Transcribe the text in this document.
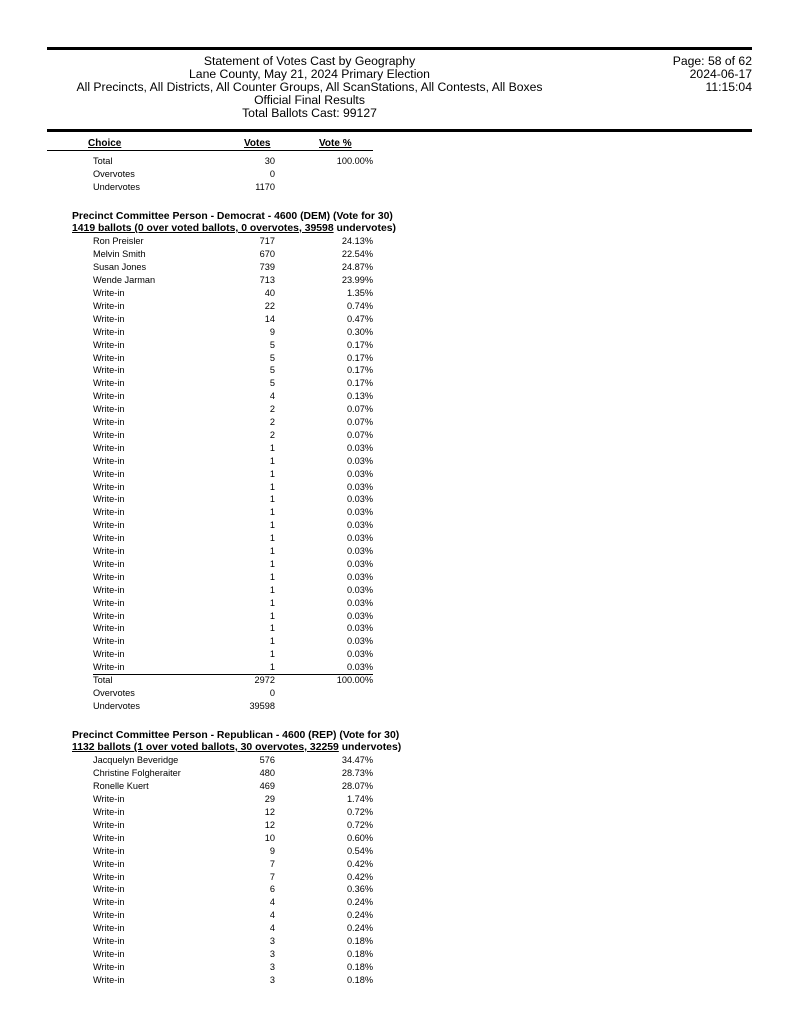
Statement of Votes Cast by Geography
Lane County, May 21, 2024 Primary Election
All Precincts, All Districts, All Counter Groups, All ScanStations, All Contests, All Boxes
Official Final Results
Total Ballots Cast: 99127
Page: 58 of 62
2024-06-17
11:15:04
Choice	Votes	Vote %
Total	30	100.00%
Overvotes	0
Undervotes	1170
Precinct Committee Person - Democrat - 4600 (DEM) (Vote for 30)
1419 ballots (0 over voted ballots, 0 overvotes, 39598 undervotes)
Ron Preisler	717	24.13%
Melvin Smith	670	22.54%
Susan Jones	739	24.87%
Wende Jarman	713	23.99%
Write-in	40	1.35%
Write-in	22	0.74%
Write-in	14	0.47%
Write-in	9	0.30%
Write-in	5	0.17%
Write-in	5	0.17%
Write-in	5	0.17%
Write-in	5	0.17%
Write-in	4	0.13%
Write-in	2	0.07%
Write-in	2	0.07%
Write-in	2	0.07%
Write-in	1	0.03%
Write-in	1	0.03%
Write-in	1	0.03%
Write-in	1	0.03%
Write-in	1	0.03%
Write-in	1	0.03%
Write-in	1	0.03%
Write-in	1	0.03%
Write-in	1	0.03%
Write-in	1	0.03%
Write-in	1	0.03%
Write-in	1	0.03%
Write-in	1	0.03%
Write-in	1	0.03%
Write-in	1	0.03%
Write-in	1	0.03%
Write-in	1	0.03%
Write-in	1	0.03%
Total	2972	100.00%
Overvotes	0
Undervotes	39598
Precinct Committee Person - Republican - 4600 (REP) (Vote for 30)
1132 ballots (1 over voted ballots, 30 overvotes, 32259 undervotes)
Jacquelyn Beveridge	576	34.47%
Christine Folgheraiter	480	28.73%
Ronelle Kuert	469	28.07%
Write-in	29	1.74%
Write-in	12	0.72%
Write-in	12	0.72%
Write-in	10	0.60%
Write-in	9	0.54%
Write-in	7	0.42%
Write-in	7	0.42%
Write-in	6	0.36%
Write-in	4	0.24%
Write-in	4	0.24%
Write-in	4	0.24%
Write-in	3	0.18%
Write-in	3	0.18%
Write-in	3	0.18%
Write-in	3	0.18%
